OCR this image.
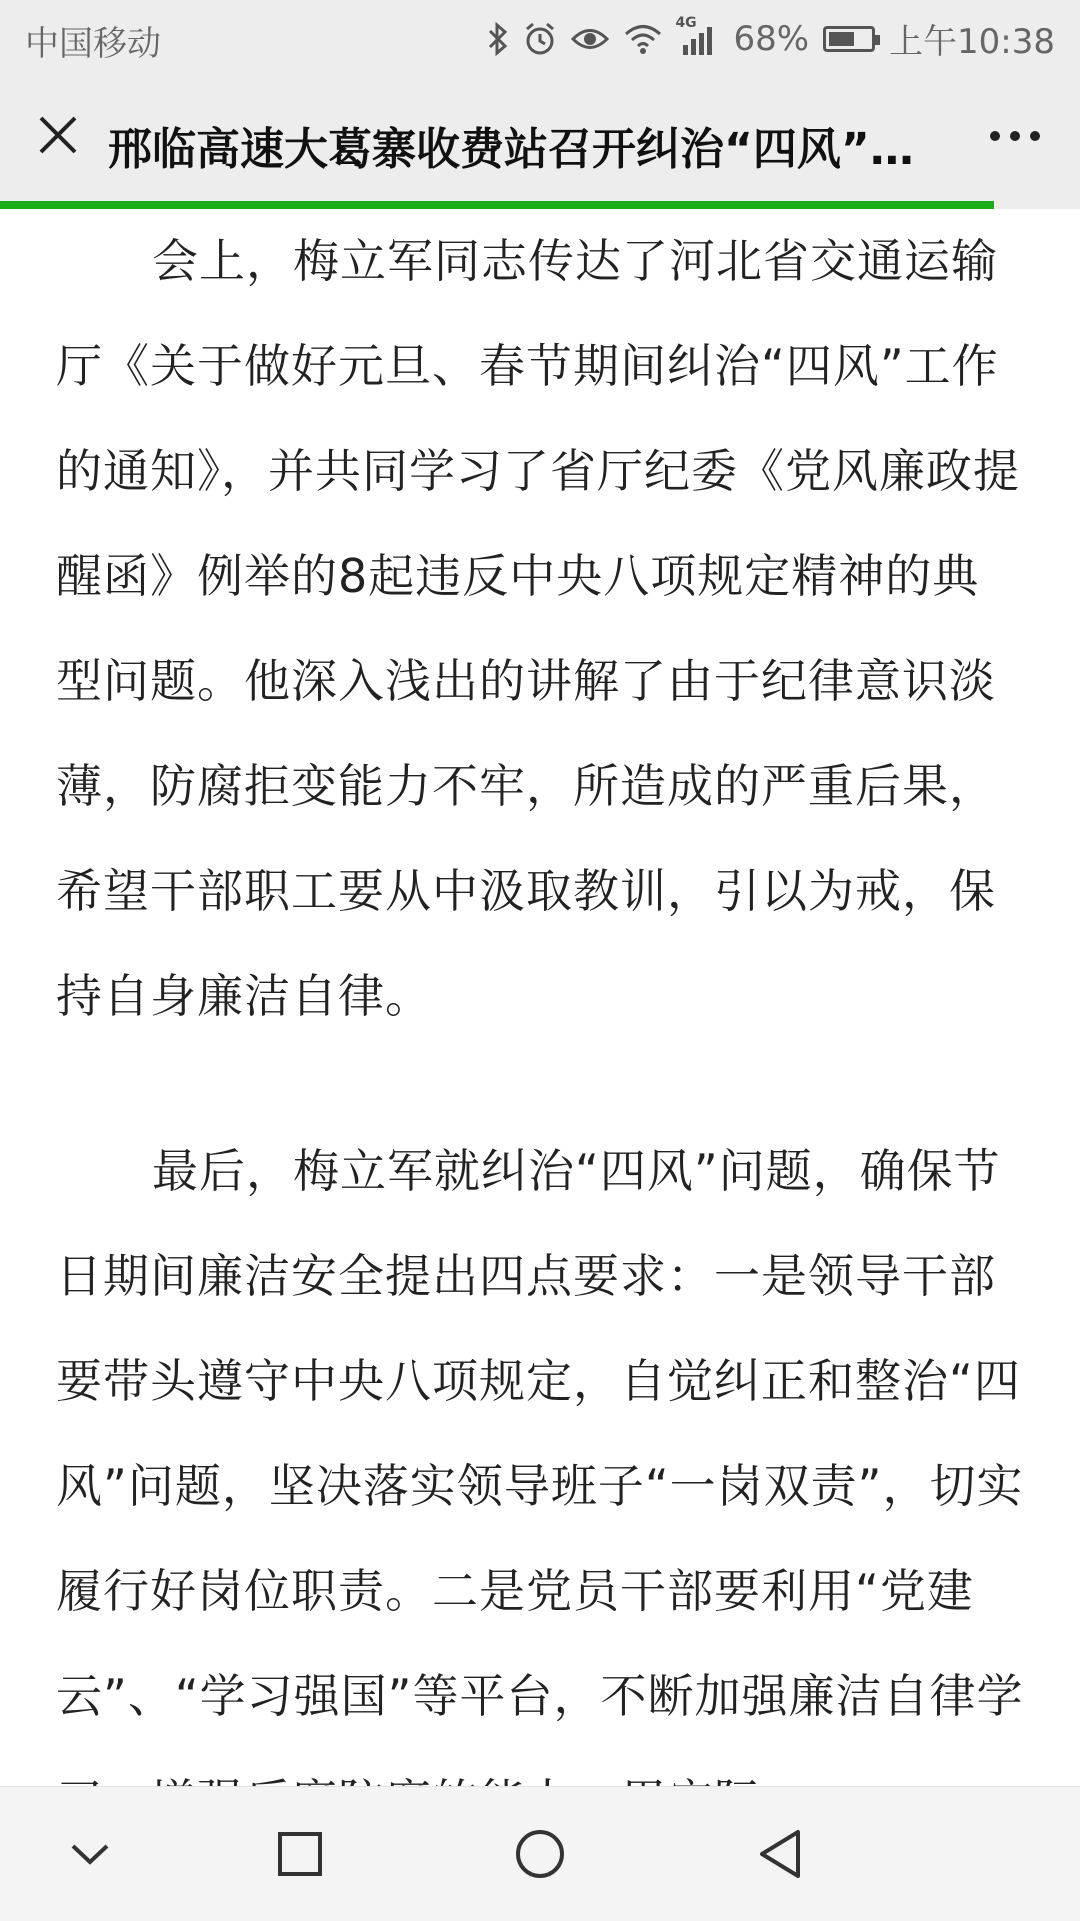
中国移动
4G 68% 上午10:38
邢临高速大葛寨收费站召开纠治“四风”…

会上，梅立军同志传达了河北省交通运输厅《关于做好元旦、春节期间纠治“四风”工作的通知》，并共同学习了省厅纪委《党风廉政提醒函》例举的8起违反中央八项规定精神的典型问题。他深入浅出的讲解了由于纪律意识淡薄，防腐拒变能力不牢，所造成的严重后果，希望干部职工要从中汲取教训，引以为戒，保持自身廉洁自律。

最后，梅立军就纠治“四风”问题，确保节日期间廉洁安全提出四点要求：一是领导干部要带头遵守中央八项规定，自觉纠正和整治“四风”问题，坚决落实领导班子“一岗双责”，切实履行好岗位职责。二是党员干部要利用“党建云”、“学习强国”等平台，不断加强廉洁自律学
